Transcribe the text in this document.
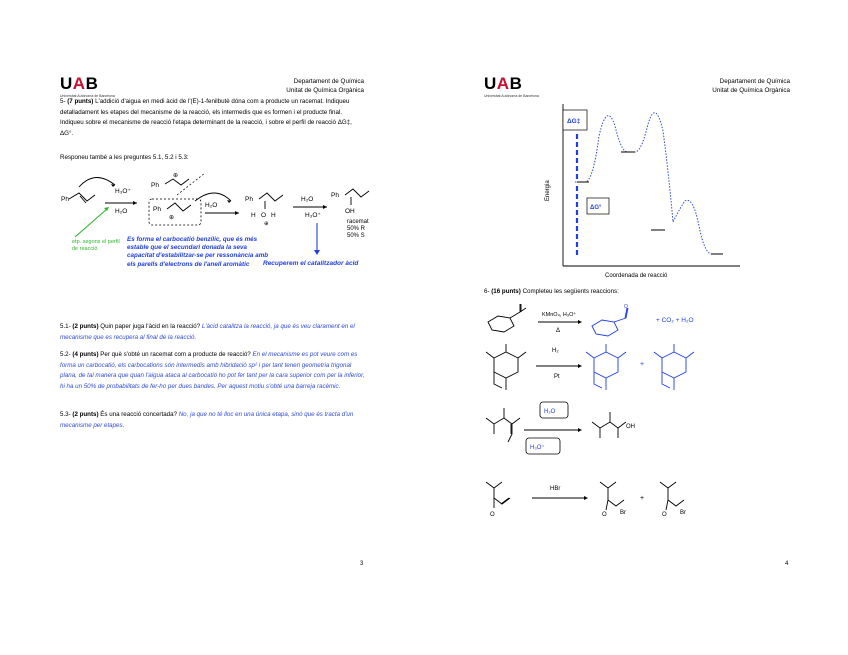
UAB
Universitat Autònoma de Barcelona
Departament de Química
Unitat de Química Orgànica
5- (7 punts) L'addició d'aigua en medi àcid de l'(E)-1-fenilbutè dóna com a producte un racemat. Indiqueu detalladament les etapes del mecanisme de la reacció, els intermedis que es formen i el producte final. Indiqueu sobre el mecanisme de reacció l'etapa determinant de la reacció, i sobre el perfil de reacció ΔG‡, ΔG°.
Responeu també a les preguntes 5.1, 5.2 i 5.3:
Ph
H₃O⁺
H₂O
Ph
⊕
Ph
⊕
H₂O
Ph
H O H
⊕
H₂O
H₃O⁺
Ph
OH
racemat
50% R
50% S
Recuperem el catalitzador àcid
etp. segons el perfil de reacció
Es forma el carbocatió benzílic, que és més estable que el secundari donada la seva capacitat d'estabilitzar-se per ressonància amb els parells d'electrons de l'anell aromàtic
5.1- (2 punts) Quin paper juga l'àcid en la reacció? L'àcid catalitza la reacció, ja que és veu clarament en el mecanisme que es recupera al final de la reacció.
5.2- (4 punts) Per què s'obté un racemat com a producte de reacció? En el mecanisme es pot veure com es forma un carbocatió, els carbocations són intermedis amb hibridació sp² i per tant tenen geometria trigonal plana, de tal manera que quan l'aigua ataca al carbocatió ho pot fer tant per la cara superior com per la inferior, hi ha un 50% de probabilitats de fer-ho per dues bandes. Per aquest motiu s'obté una barreja racèmic.
5.3- (2 punts) És una reacció concertada? No, ja que no té lloc en una única etapa, sinó que és tracta d'un mecanisme per etapes.
3
UAB
Universitat Autònoma de Barcelona
Departament de Química
Unitat de Química Orgànica
Energia
Coordenada de reacció
ΔG‡
ΔG°
6- (16 punts) Completeu les següents reaccions:
KMnO₄, H₃O⁺
Δ
O
+ CO₂ + H₂O
H₂
Pt
+
H₂O
H₃O⁺
OH
O
HBr
O Br
+
O Br
4
